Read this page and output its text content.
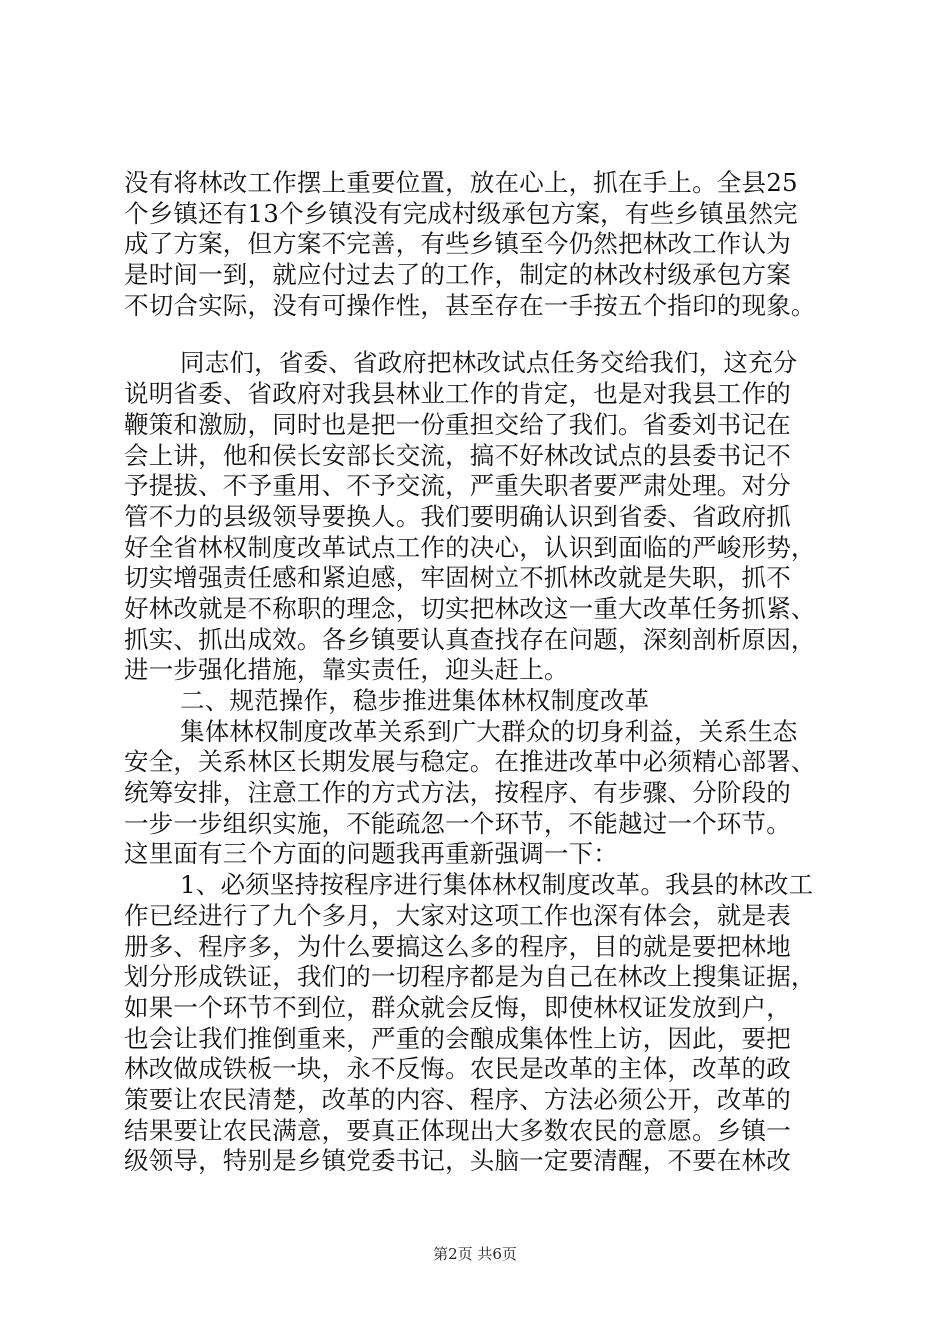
没有将林改工作摆上重要位置，放在心上，抓在手上。全县25
个乡镇还有13个乡镇没有完成村级承包方案，有些乡镇虽然完
成了方案，但方案不完善，有些乡镇至今仍然把林改工作认为
是时间一到，就应付过去了的工作，制定的林改村级承包方案
不切合实际，没有可操作性，甚至存在一手按五个指印的现象。
同志们，省委、省政府把林改试点任务交给我们，这充分
说明省委、省政府对我县林业工作的肯定，也是对我县工作的
鞭策和激励，同时也是把一份重担交给了我们。省委刘书记在
会上讲，他和侯长安部长交流，搞不好林改试点的县委书记不
予提拔、不予重用、不予交流，严重失职者要严肃处理。对分
管不力的县级领导要换人。我们要明确认识到省委、省政府抓
好全省林权制度改革试点工作的决心，认识到面临的严峻形势，
切实增强责任感和紧迫感，牢固树立不抓林改就是失职，抓不
好林改就是不称职的理念，切实把林改这一重大改革任务抓紧、
抓实、抓出成效。各乡镇要认真查找存在问题，深刻剖析原因，
进一步强化措施，靠实责任，迎头赶上。
二、规范操作，稳步推进集体林权制度改革
集体林权制度改革关系到广大群众的切身利益，关系生态
安全，关系林区长期发展与稳定。在推进改革中必须精心部署、
统筹安排，注意工作的方式方法，按程序、有步骤、分阶段的
一步一步组织实施，不能疏忽一个环节，不能越过一个环节。
这里面有三个方面的问题我再重新强调一下：
1、必须坚持按程序进行集体林权制度改革。我县的林改工
作已经进行了九个多月，大家对这项工作也深有体会，就是表
册多、程序多，为什么要搞这么多的程序，目的就是要把林地
划分形成铁证，我们的一切程序都是为自己在林改上搜集证据，
如果一个环节不到位，群众就会反悔，即使林权证发放到户，
也会让我们推倒重来，严重的会酿成集体性上访，因此，要把
林改做成铁板一块，永不反悔。农民是改革的主体，改革的政
策要让农民清楚，改革的内容、程序、方法必须公开，改革的
结果要让农民满意，要真正体现出大多数农民的意愿。乡镇一
级领导，特别是乡镇党委书记，头脑一定要清醒，不要在林改
第2页 共6页
